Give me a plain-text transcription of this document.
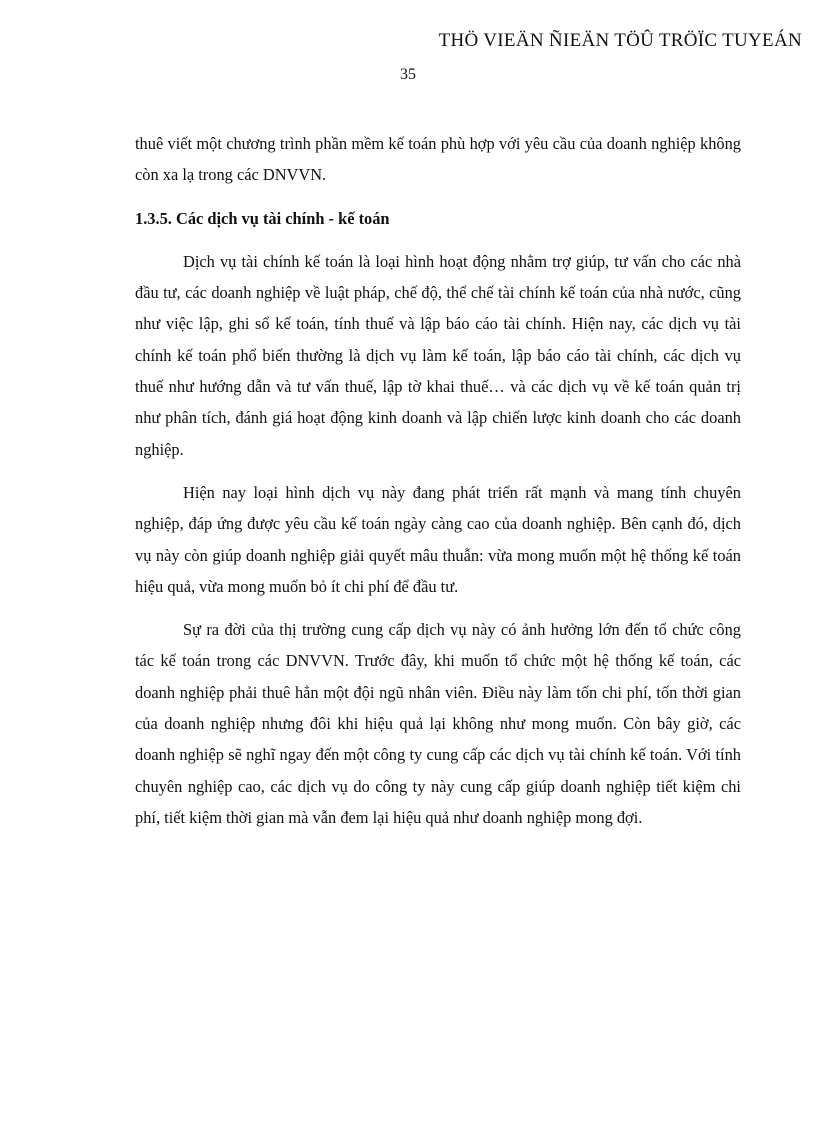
THÖ VIEÄN ÑIEÄN TÖÛ TRÖÏC TUYEÁN
35

thuê viết một chương trình phần mềm kế toán phù hợp với yêu cầu của doanh nghiệp không còn xa lạ trong các DNVVN.

1.3.5. Các dịch vụ tài chính - kế toán

Dịch vụ tài chính kế toán là loại hình hoạt động nhằm trợ giúp, tư vấn cho các nhà đầu tư, các doanh nghiệp về luật pháp, chế độ, thể chế tài chính kế toán của nhà nước, cũng như việc lập, ghi sổ kế toán, tính thuế và lập báo cáo tài chính. Hiện nay, các dịch vụ tài chính kế toán phổ biến thường là dịch vụ làm kế toán, lập báo cáo tài chính, các dịch vụ thuế như hướng dẫn và tư vấn thuế, lập tờ khai thuế… và các dịch vụ về kế toán quản trị như phân tích, đánh giá hoạt động kinh doanh và lập chiến lược kinh doanh cho các doanh nghiệp.

Hiện nay loại hình dịch vụ này đang phát triển rất mạnh và mang tính chuyên nghiệp, đáp ứng được yêu cầu kế toán ngày càng cao của doanh nghiệp. Bên cạnh đó, dịch vụ này còn giúp doanh nghiệp giải quyết mâu thuẫn: vừa mong muốn một hệ thống kế toán hiệu quả, vừa mong muốn bỏ ít chi phí để đầu tư.

Sự ra đời của thị trường cung cấp dịch vụ này có ảnh hưởng lớn đến tổ chức công tác kế toán trong các DNVVN. Trước đây, khi muốn tổ chức một hệ thống kế toán, các doanh nghiệp phải thuê hẳn một đội ngũ nhân viên. Điều này làm tốn chi phí, tốn thời gian của doanh nghiệp nhưng đôi khi hiệu quả lại không như mong muốn. Còn bây giờ, các doanh nghiệp sẽ nghĩ ngay đến một công ty cung cấp các dịch vụ tài chính kế toán. Với tính chuyên nghiệp cao, các dịch vụ do công ty này cung cấp giúp doanh nghiệp tiết kiệm chi phí, tiết kiệm thời gian mà vẫn đem lại hiệu quả như doanh nghiệp mong đợi.
